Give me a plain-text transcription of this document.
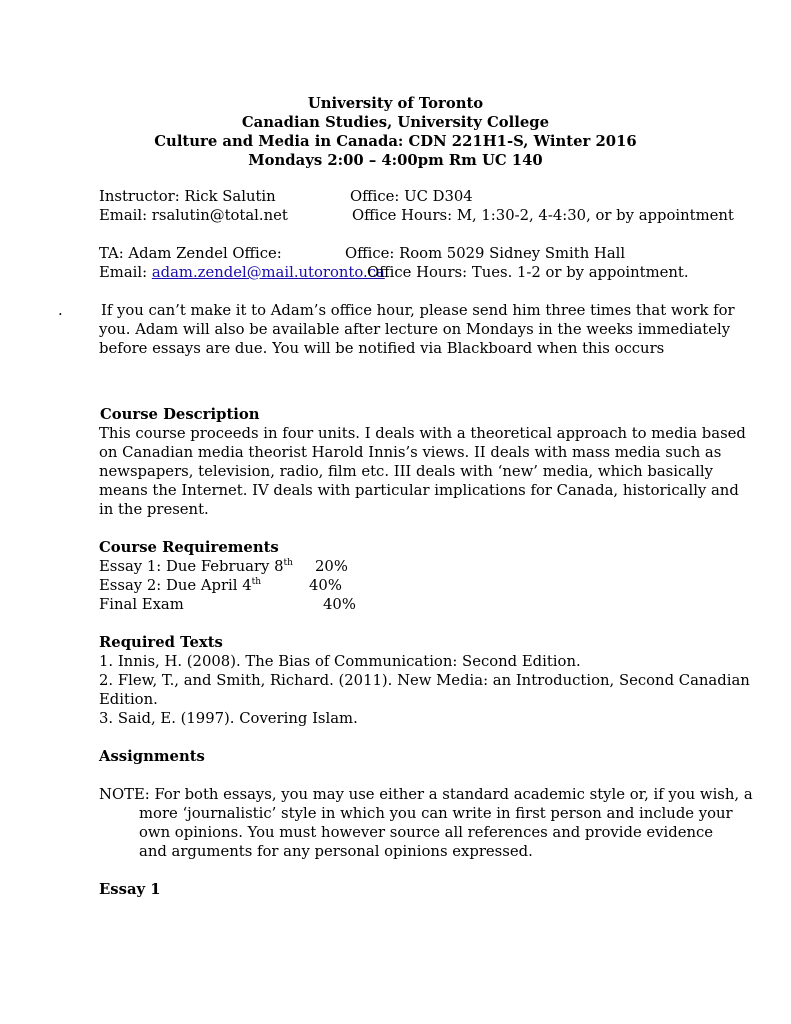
University of Toronto
Canadian Studies, University College
Culture and Media in Canada: CDN 221H1-S, Winter 2016
Mondays 2:00 – 4:00pm Rm UC 140
Instructor: Rick Salutin	Office: UC D304
Email: rsalutin@total.net	Office Hours: M, 1:30-2, 4-4:30, or by appointment
TA: Adam Zendel Office:	Office: Room 5029 Sidney Smith Hall
Email: adam.zendel@mail.utoronto.ca
Office Hours: Tues. 1-2 or by appointment.
.	If you can’t make it to Adam’s office hour, please send him three times that work for
you. Adam will also be available after lecture on Mondays in the weeks immediately
before essays are due. You will be notified via Blackboard when this occurs
Course Description
This course proceeds in four units. I deals with a theoretical approach to media based
on Canadian media theorist Harold Innis’s views. II deals with mass media such as
newspapers, television, radio, film etc. III deals with ‘new’ media, which basically
means the Internet. IV deals with particular implications for Canada, historically and
in the present.
Course Requirements
Essay 1: Due February 8th 20%
Essay 2: Due April 4th	40%
Final Exam	40%
Required Texts
1. Innis, H. (2008). The Bias of Communication: Second Edition.
2. Flew, T., and Smith, Richard. (2011). New Media: an Introduction, Second Canadian
Edition.
3. Said, E. (1997). Covering Islam.
Assignments
NOTE: For both essays, you may use either a standard academic style or, if you wish, a
more ‘journalistic’ style in which you can write in first person and include your
own opinions. You must however source all references and provide evidence
and arguments for any personal opinions expressed.
Essay 1
